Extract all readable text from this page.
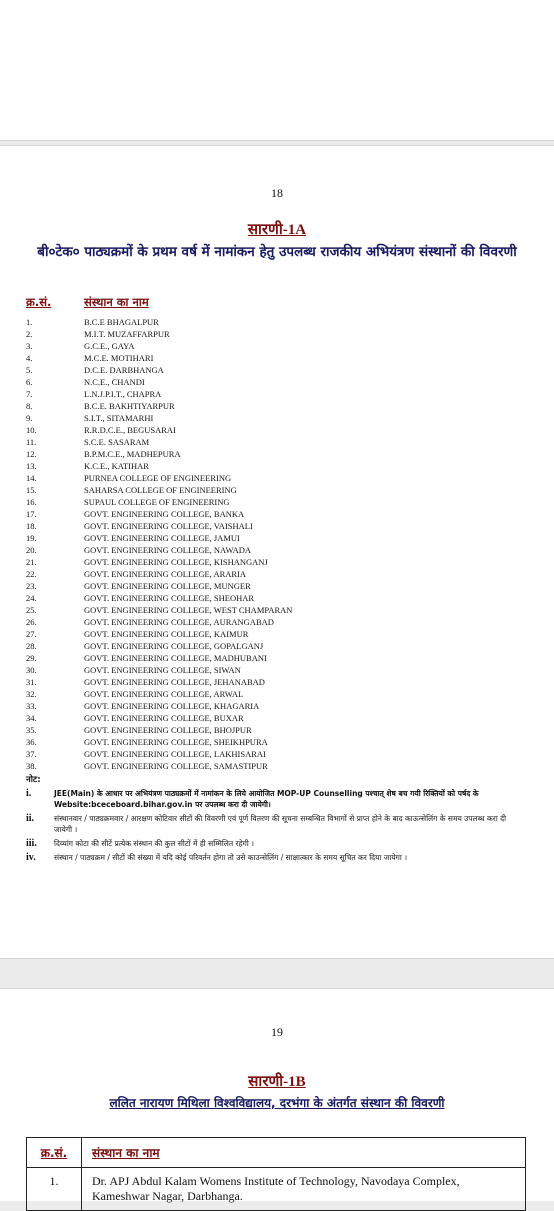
18
सारणी-1A
बी०टेक० पाठ्यक्रमों के प्रथम वर्ष में नामांकन हेतु उपलब्ध राजकीय अभियंत्रण संस्थानों की विवरणी
क्र.सं.	संस्थान का नाम
1.	B.C.E BHAGALPUR
2.	M.I.T. MUZAFFARPUR
3.	G.C.E., GAYA
4.	M.C.E. MOTIHARI
5.	D.C.E. DARBHANGA
6.	N.C.E., CHANDI
7.	L.N.J.P.I.T., CHAPRA
8.	B.C.E. BAKHTIYARPUR
9.	S.I.T., SITAMARHI
10.	R.R.D.C.E., BEGUSARAI
11.	S.C.E. SASARAM
12.	B.P.M.C.E., MADHEPURA
13.	K.C.E., KATIHAR
14.	PURNEA COLLEGE OF ENGINEERING
15.	SAHARSA COLLEGE OF ENGINEERING
16.	SUPAUL COLLEGE OF ENGINEERING
17.	GOVT. ENGINEERING COLLEGE, BANKA
18.	GOVT. ENGINEERING COLLEGE, VAISHALI
19.	GOVT. ENGINEERING COLLEGE, JAMUI
20.	GOVT. ENGINEERING COLLEGE, NAWADA
21.	GOVT. ENGINEERING COLLEGE, KISHANGANJ
22.	GOVT. ENGINEERING COLLEGE, ARARIA
23.	GOVT. ENGINEERING COLLEGE, MUNGER
24.	GOVT. ENGINEERING COLLEGE, SHEOHAR
25.	GOVT. ENGINEERING COLLEGE, WEST CHAMPARAN
26.	GOVT. ENGINEERING COLLEGE, AURANGABAD
27.	GOVT. ENGINEERING COLLEGE, KAIMUR
28.	GOVT. ENGINEERING COLLEGE, GOPALGANJ
29.	GOVT. ENGINEERING COLLEGE, MADHUBANI
30.	GOVT. ENGINEERING COLLEGE, SIWAN
31.	GOVT. ENGINEERING COLLEGE, JEHANABAD
32.	GOVT. ENGINEERING COLLEGE, ARWAL
33.	GOVT. ENGINEERING COLLEGE, KHAGARIA
34.	GOVT. ENGINEERING COLLEGE, BUXAR
35.	GOVT. ENGINEERING COLLEGE, BHOJPUR
36.	GOVT. ENGINEERING COLLEGE, SHEIKHPURA
37.	GOVT. ENGINEERING COLLEGE, LAKHISARAI
38.	GOVT. ENGINEERING COLLEGE, SAMASTIPUR
नोट:
i.	JEE(Main) के आधार पर अभियंत्रण पाठ्यक्रमों में नामांकन के लिये आयोजित MOP-UP Counselling पश्चात् शेष बच गयी रिक्तियों को पर्षद के Website:bceceboard.bihar.gov.in पर उपलब्ध करा दी जायेगी।
ii.	संस्थानवार / पाठ्यक्रमवार / आरक्षण कोटिवार सीटों की विवरणी एवं पूर्ण वितरण की सूचना सम्बन्धित विभागों से प्राप्त होने के बाद काऊन्सेलिंग के समय उपलब्ध करा दी जायेगी ।
iii. दिव्यांग कोटा की सीटें प्रत्येक संस्थान की कुल सीटों में ही सम्मिलित रहेगी ।
iv. संस्थान / पाठ्यक्रम / सीटों की संख्या में यदि कोई परिवर्तन होगा तो उसे काउन्सेलिंग / साक्षात्कार के समय सूचित कर दिया जायेगा ।
19
सारणी-1B
ललित नारायण मिथिला विश्वविद्यालय, दरभंगा के अंतर्गत संस्थान की विवरणी
क्र.सं.	संस्थान का नाम
1.	Dr. APJ Abdul Kalam Womens Institute of Technology, Navodaya Complex, Kameshwar Nagar, Darbhanga.
